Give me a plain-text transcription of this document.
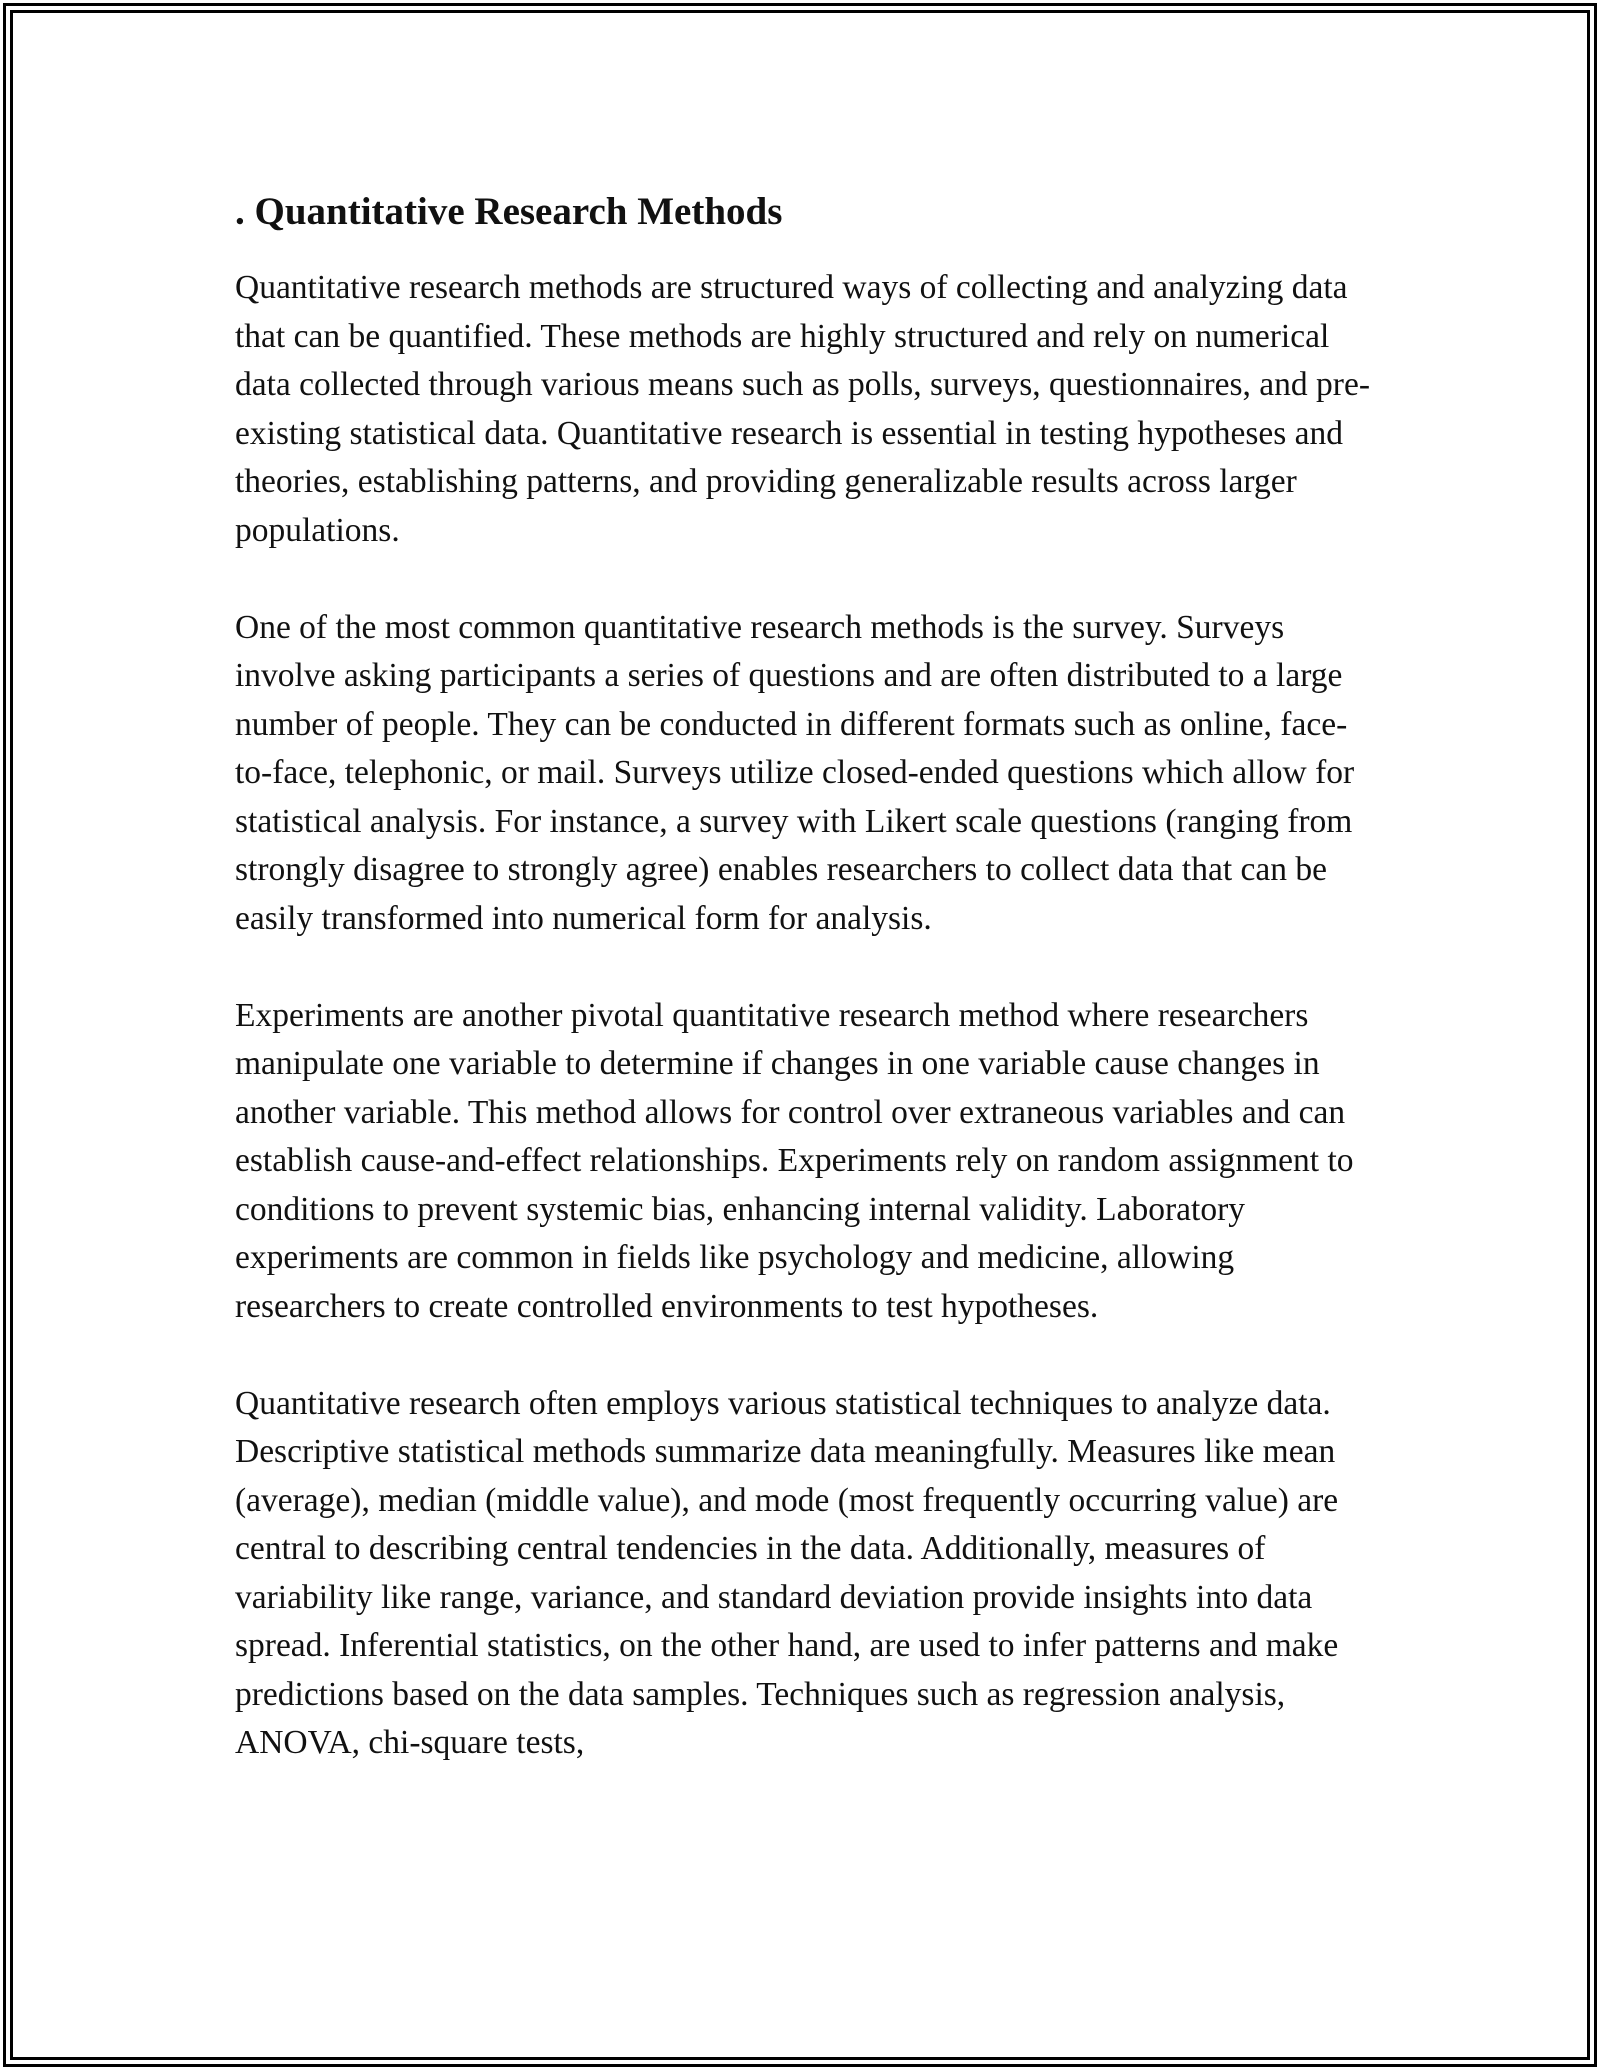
. Quantitative Research Methods

Quantitative research methods are structured ways of collecting and analyzing data that can be quantified. These methods are highly structured and rely on numerical data collected through various means such as polls, surveys, questionnaires, and pre-existing statistical data. Quantitative research is essential in testing hypotheses and theories, establishing patterns, and providing generalizable results across larger populations.

One of the most common quantitative research methods is the survey. Surveys involve asking participants a series of questions and are often distributed to a large number of people. They can be conducted in different formats such as online, face-to-face, telephonic, or mail. Surveys utilize closed-ended questions which allow for statistical analysis. For instance, a survey with Likert scale questions (ranging from strongly disagree to strongly agree) enables researchers to collect data that can be easily transformed into numerical form for analysis.

Experiments are another pivotal quantitative research method where researchers manipulate one variable to determine if changes in one variable cause changes in another variable. This method allows for control over extraneous variables and can establish cause-and-effect relationships. Experiments rely on random assignment to conditions to prevent systemic bias, enhancing internal validity. Laboratory experiments are common in fields like psychology and medicine, allowing researchers to create controlled environments to test hypotheses.

Quantitative research often employs various statistical techniques to analyze data. Descriptive statistical methods summarize data meaningfully. Measures like mean (average), median (middle value), and mode (most frequently occurring value) are central to describing central tendencies in the data. Additionally, measures of variability like range, variance, and standard deviation provide insights into data spread. Inferential statistics, on the other hand, are used to infer patterns and make predictions based on the data samples. Techniques such as regression analysis, ANOVA, chi-square tests,
